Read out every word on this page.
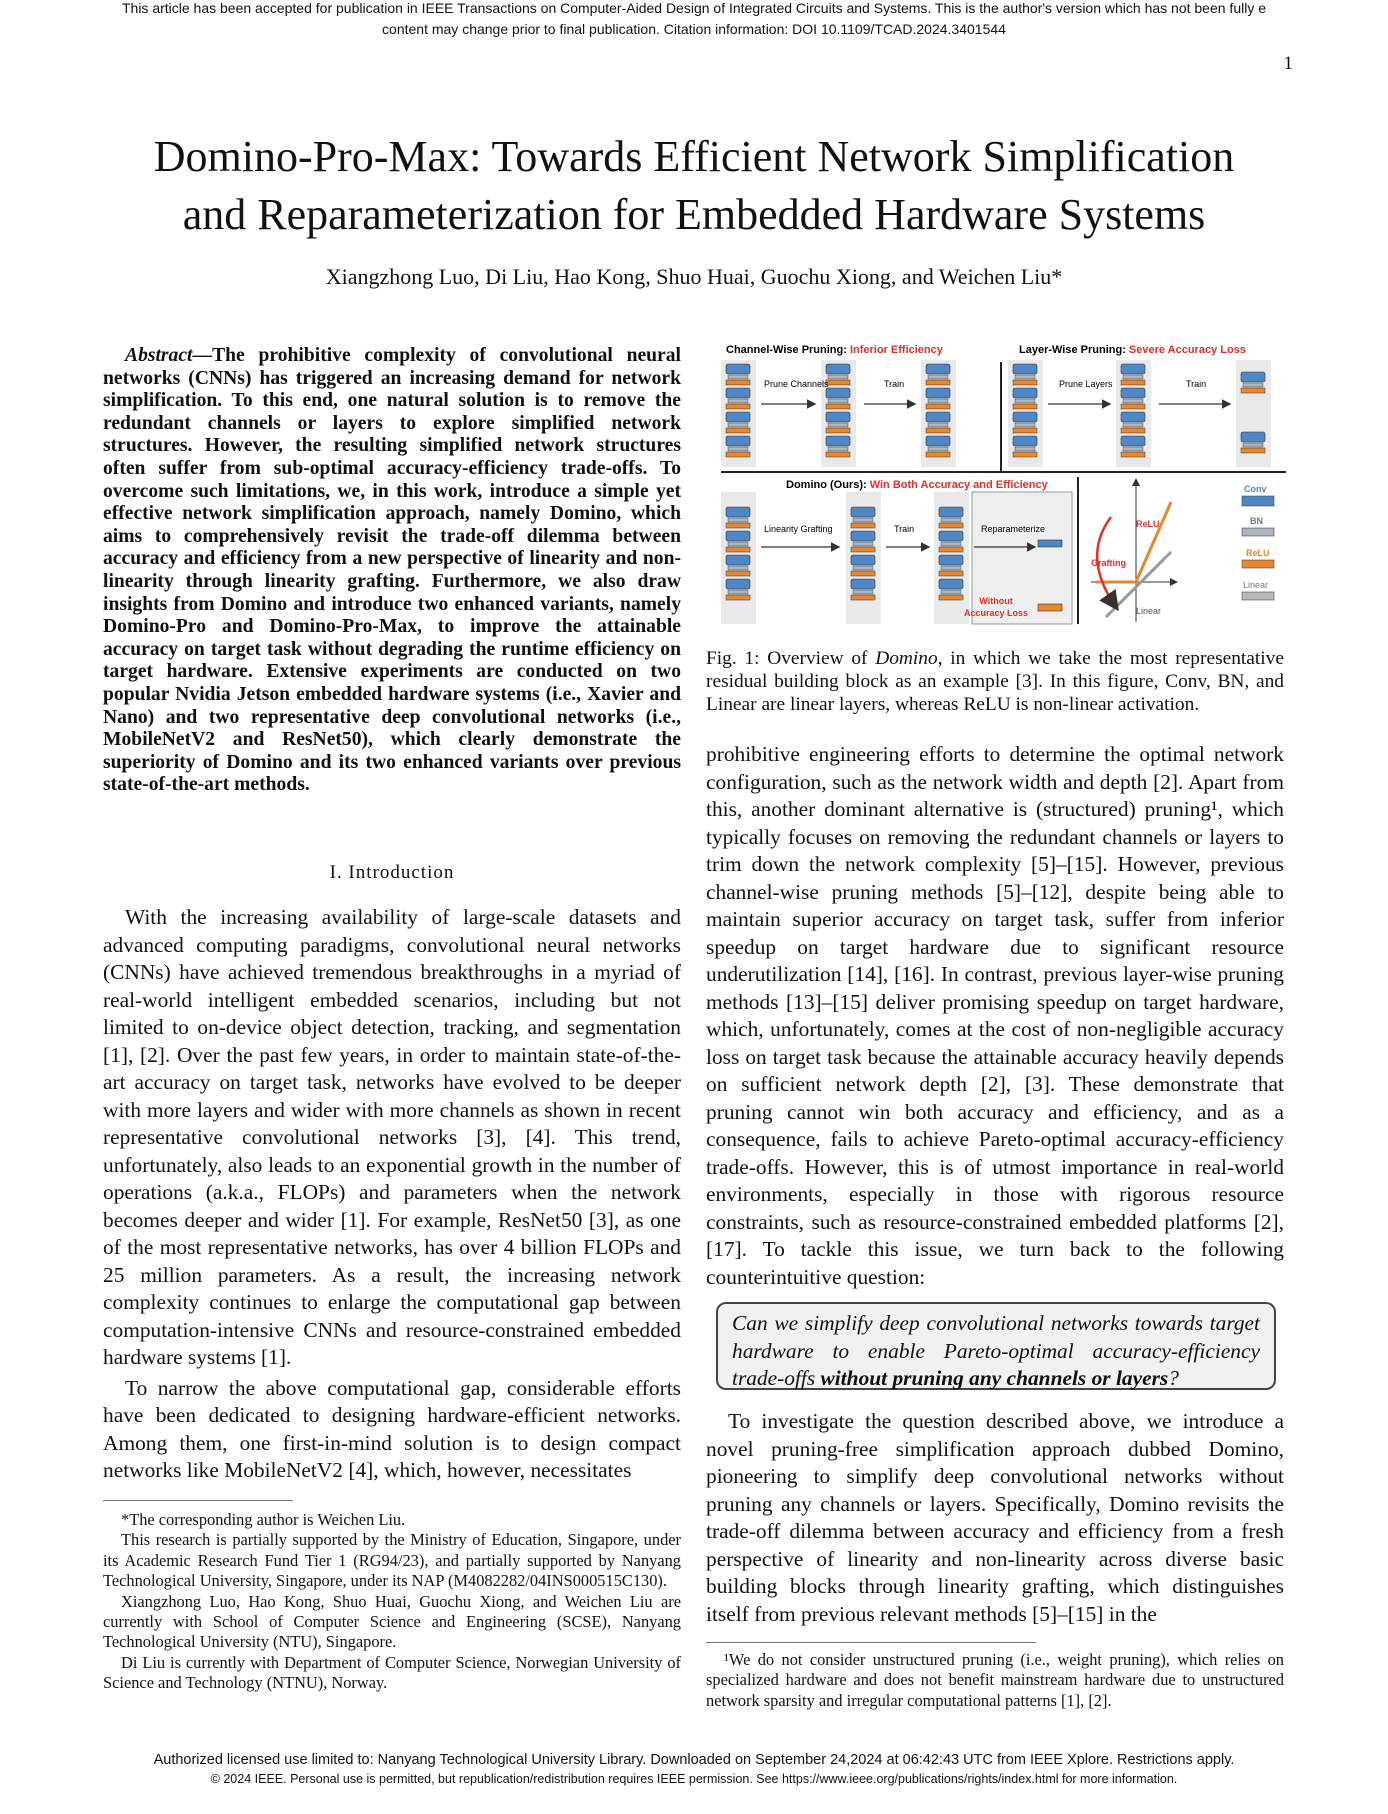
This article has been accepted for publication in IEEE Transactions on Computer-Aided Design of Integrated Circuits and Systems. This is the author's version which has not been fully e
content may change prior to final publication. Citation information: DOI 10.1109/TCAD.2024.3401544
1
Domino-Pro-Max: Towards Efficient Network Simplification
and Reparameterization for Embedded Hardware Systems
Xiangzhong Luo, Di Liu, Hao Kong, Shuo Huai, Guochu Xiong, and Weichen Liu*
Abstract—The prohibitive complexity of convolutional neural networks (CNNs) has triggered an increasing demand for network simplification. To this end, one natural solution is to remove the redundant channels or layers to explore simplified network structures. However, the resulting simplified network structures often suffer from sub-optimal accuracy-efficiency trade-offs. To overcome such limitations, we, in this work, introduce a simple yet effective network simplification approach, namely Domino, which aims to comprehensively revisit the trade-off dilemma between accuracy and efficiency from a new perspective of linearity and non-linearity through linearity grafting. Furthermore, we also draw insights from Domino and introduce two enhanced variants, namely Domino-Pro and Domino-Pro-Max, to improve the attainable accuracy on target task without degrading the runtime efficiency on target hardware. Extensive experiments are conducted on two popular Nvidia Jetson embedded hardware systems (i.e., Xavier and Nano) and two representative deep convolutional networks (i.e., MobileNetV2 and ResNet50), which clearly demonstrate the superiority of Domino and its two enhanced variants over previous state-of-the-art methods.
I. Introduction

With the increasing availability of large-scale datasets and advanced computing paradigms, convolutional neural networks (CNNs) have achieved tremendous breakthroughs in a myriad of real-world intelligent embedded scenarios, including but not limited to on-device object detection, tracking, and segmentation [1], [2]. Over the past few years, in order to maintain state-of-the-art accuracy on target task, networks have evolved to be deeper with more layers and wider with more channels as shown in recent representative convolutional networks [3], [4]. This trend, unfortunately, also leads to an exponential growth in the number of operations (a.k.a., FLOPs) and parameters when the network becomes deeper and wider [1]. For example, ResNet50 [3], as one of the most representative networks, has over 4 billion FLOPs and 25 million parameters. As a result, the increasing network complexity continues to enlarge the computational gap between computation-intensive CNNs and resource-constrained embedded hardware systems [1].

To narrow the above computational gap, considerable efforts have been dedicated to designing hardware-efficient networks. Among them, one first-in-mind solution is to design compact networks like MobileNetV2 [4], which, however, necessitates

*The corresponding author is Weichen Liu.

This research is partially supported by the Ministry of Education, Singapore, under its Academic Research Fund Tier 1 (RG94/23), and partially supported by Nanyang Technological University, Singapore, under its NAP (M4082282/04INS000515C130).

Xiangzhong Luo, Hao Kong, Shuo Huai, Guochu Xiong, and Weichen Liu are currently with School of Computer Science and Engineering (SCSE), Nanyang Technological University (NTU), Singapore.

Di Liu is currently with Department of Computer Science, Norwegian University of Science and Technology (NTNU), Norway.

Channel-Wise Pruning: Inferior Efficiency	Layer-Wise Pruning: Severe Accuracy Loss
Prune Channels	Train	Prune Layers	Train
Domino (Ours): Win Both Accuracy and Efficiency
Linearity Grafting	Train	Reparameterize
Without
Accuracy Loss
ReLU
Grafting
Linear
Conv
BN
ReLU
Linear
Fig. 1: Overview of Domino, in which we take the most representative residual building block as an example [3]. In this figure, Conv, BN, and Linear are linear layers, whereas ReLU is non-linear activation.

prohibitive engineering efforts to determine the optimal network configuration, such as the network width and depth [2]. Apart from this, another dominant alternative is (structured) pruning¹, which typically focuses on removing the redundant channels or layers to trim down the network complexity [5]–[15]. However, previous channel-wise pruning methods [5]–[12], despite being able to maintain superior accuracy on target task, suffer from inferior speedup on target hardware due to significant resource underutilization [14], [16]. In contrast, previous layer-wise pruning methods [13]–[15] deliver promising speedup on target hardware, which, unfortunately, comes at the cost of non-negligible accuracy loss on target task because the attainable accuracy heavily depends on sufficient network depth [2], [3]. These demonstrate that pruning cannot win both accuracy and efficiency, and as a consequence, fails to achieve Pareto-optimal accuracy-efficiency trade-offs. However, this is of utmost importance in real-world environments, especially in those with rigorous resource constraints, such as resource-constrained embedded platforms [2], [17]. To tackle this issue, we turn back to the following counterintuitive question:

Can we simplify deep convolutional networks towards target hardware to enable Pareto-optimal accuracy-efficiency trade-offs without pruning any channels or layers?

To investigate the question described above, we introduce a novel pruning-free simplification approach dubbed Domino, pioneering to simplify deep convolutional networks without pruning any channels or layers. Specifically, Domino revisits the trade-off dilemma between accuracy and efficiency from a fresh perspective of linearity and non-linearity across diverse basic building blocks through linearity grafting, which distinguishes itself from previous relevant methods [5]–[15] in the

¹We do not consider unstructured pruning (i.e., weight pruning), which relies on specialized hardware and does not benefit mainstream hardware due to unstructured network sparsity and irregular computational patterns [1], [2].

Authorized licensed use limited to: Nanyang Technological University Library. Downloaded on September 24,2024 at 06:42:43 UTC from IEEE Xplore. Restrictions apply.
© 2024 IEEE. Personal use is permitted, but republication/redistribution requires IEEE permission. See https://www.ieee.org/publications/rights/index.html for more information.
